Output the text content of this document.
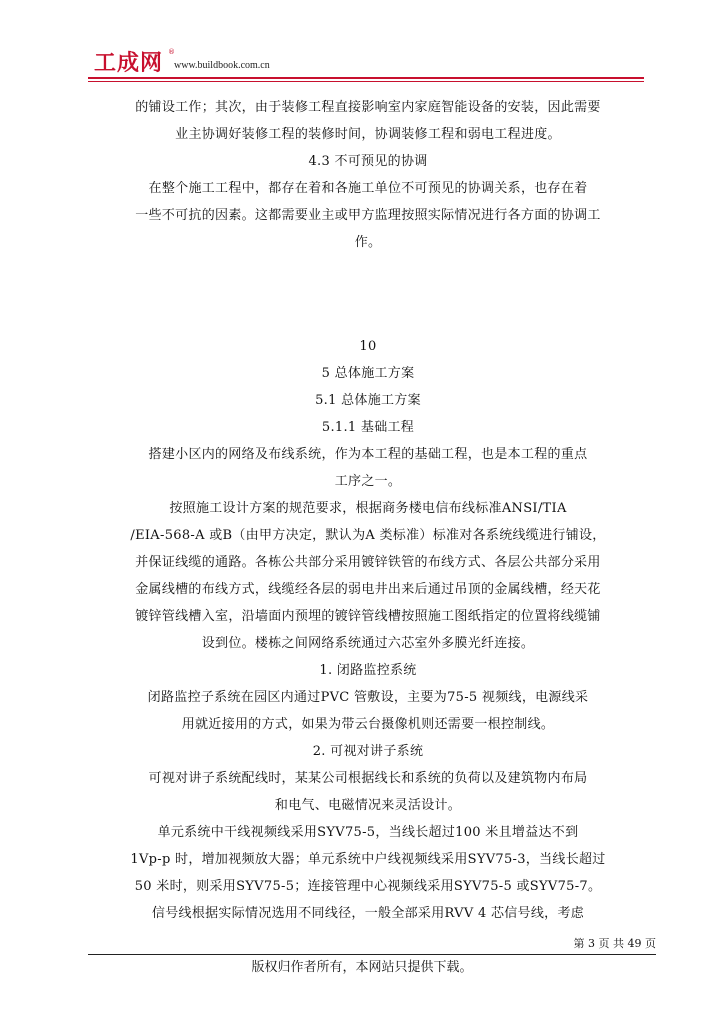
工成网 ®
www.buildbook.com.cn
的铺设工作；其次，由于装修工程直接影响室内家庭智能设备的安装，因此需要
业主协调好装修工程的装修时间，协调装修工程和弱电工程进度。
4.3 不可预见的协调
在整个施工工程中，都存在着和各施工单位不可预见的协调关系，也存在着
一些不可抗的因素。这都需要业主或甲方监理按照实际情况进行各方面的协调工
作。
10
5 总体施工方案
5.1 总体施工方案
5.1.1 基础工程
搭建小区内的网络及布线系统，作为本工程的基础工程，也是本工程的重点
工序之一。
按照施工设计方案的规范要求，根据商务楼电信布线标准ANSI/TIA
/EIA-568-A 或B（由甲方决定，默认为A 类标准）标准对各系统线缆进行铺设，
并保证线缆的通路。各栋公共部分采用镀锌铁管的布线方式、各层公共部分采用
金属线槽的布线方式，线缆经各层的弱电井出来后通过吊顶的金属线槽，经天花
镀锌管线槽入室，沿墙面内预埋的镀锌管线槽按照施工图纸指定的位置将线缆铺
设到位。楼栋之间网络系统通过六芯室外多膜光纤连接。
1. 闭路监控系统
闭路监控子系统在园区内通过PVC 管敷设，主要为75-5 视频线，电源线采
用就近接用的方式，如果为带云台摄像机则还需要一根控制线。
2. 可视对讲子系统
可视对讲子系统配线时，某某公司根据线长和系统的负荷以及建筑物内布局
和电气、电磁情况来灵活设计。
单元系统中干线视频线采用SYV75-5，当线长超过100 米且增益达不到
1Vp-p 时，增加视频放大器；单元系统中户线视频线采用SYV75-3，当线长超过
50 米时，则采用SYV75-5；连接管理中心视频线采用SYV75-5 或SYV75-7。
信号线根据实际情况选用不同线径，一般全部采用RVV 4 芯信号线，考虑
第 3 页 共 49 页
版权归作者所有，本网站只提供下载。
